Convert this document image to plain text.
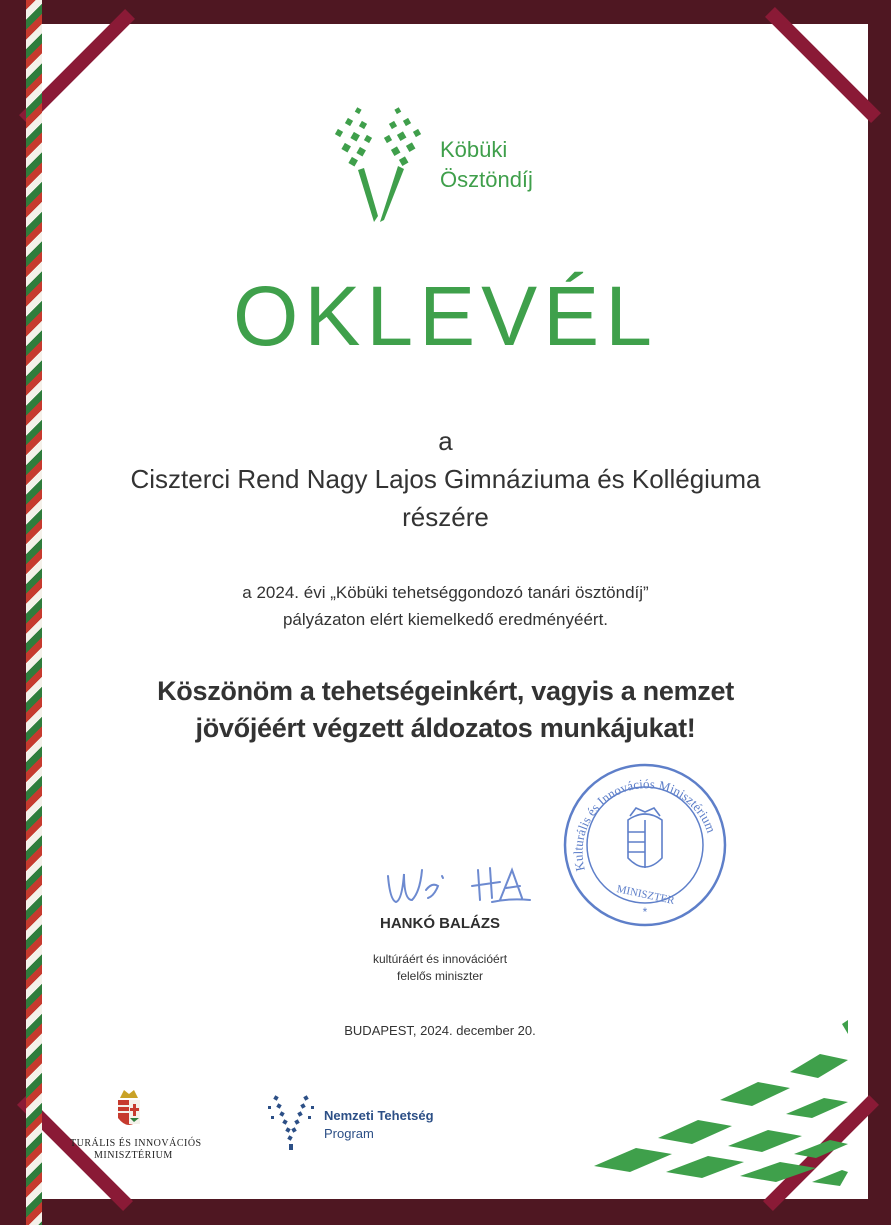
Köbüki
Ösztöndíj
OKLEVÉL
a
Ciszterci Rend Nagy Lajos Gimnáziuma és Kollégiuma
részére
a 2024. évi „Köbüki tehetséggondozó tanári ösztöndíj”
pályázaton elért kiemelkedő eredményéért.
Köszönöm a tehetségeinkért, vagyis a nemzet
jövőjéért végzett áldozatos munkájukat!
HANKÓ BALÁZS
kultúráért és innovációért
felelős miniszter
BUDAPEST, 2024. december 20.
Kulturális és Innovációs Minisztérium
MINISZTER
*
TURÁLIS ÉS INNOVÁCIÓS
MINISZTÉRIUM
Nemzeti Tehetség
Program
